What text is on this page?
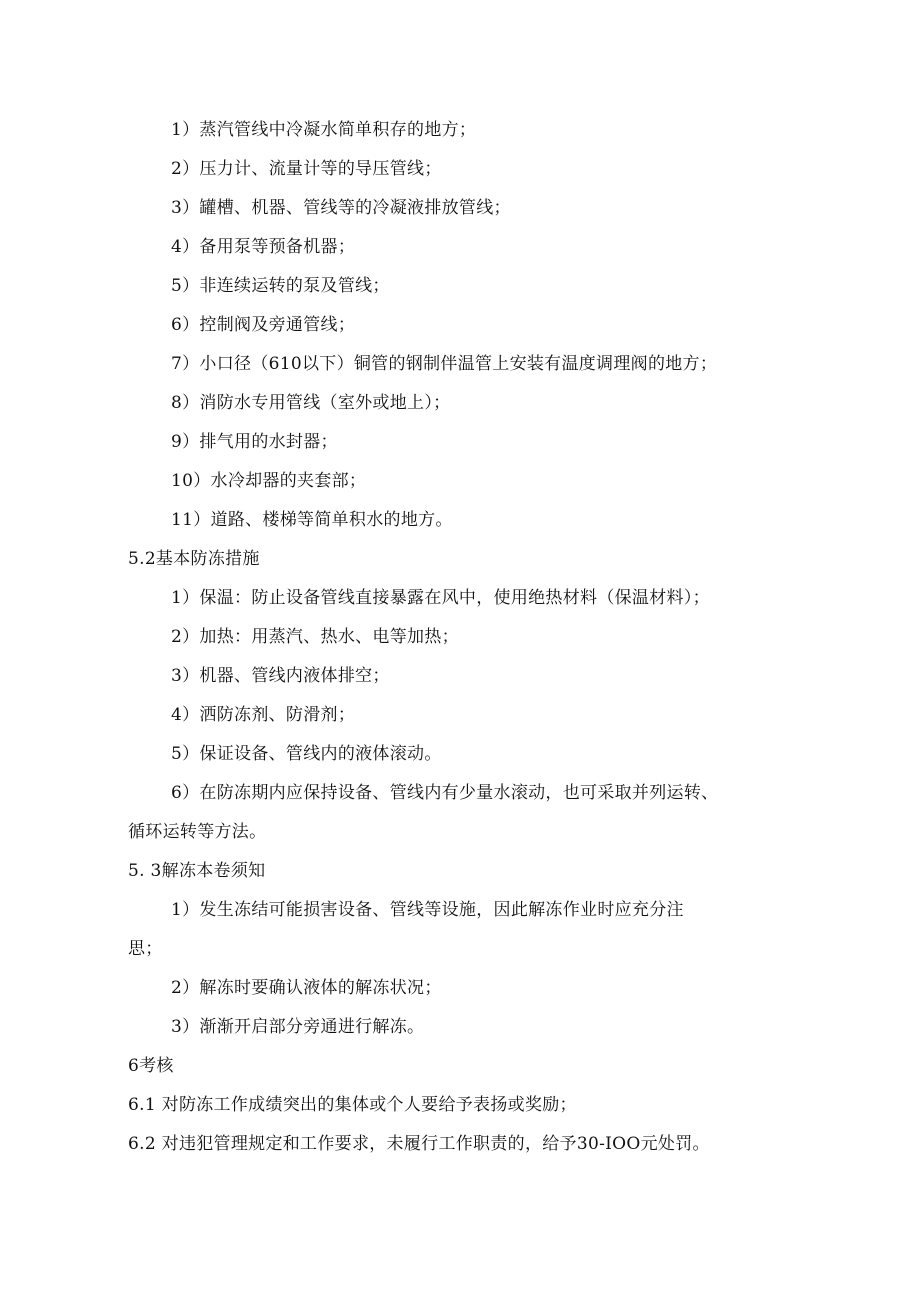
1）蒸汽管线中冷凝水简单积存的地方；
2）压力计、流量计等的导压管线；
3）罐槽、机器、管线等的冷凝液排放管线；
4）备用泵等预备机器；
5）非连续运转的泵及管线；
6）控制阀及旁通管线；
7）小口径（610以下）铜管的钢制伴温管上安装有温度调理阀的地方；
8）消防水专用管线（室外或地上）；
9）排气用的水封器；
10）水冷却器的夹套部；
11）道路、楼梯等简单积水的地方。
5.2基本防冻措施
1）保温：防止设备管线直接暴露在风中，使用绝热材料（保温材料）；
2）加热：用蒸汽、热水、电等加热；
3）机器、管线内液体排空；
4）洒防冻剂、防滑剂；
5）保证设备、管线内的液体滚动。
6）在防冻期内应保持设备、管线内有少量水滚动，也可采取并列运转、
循环运转等方法。
5. 3解冻本卷须知
1）发生冻结可能损害设备、管线等设施，因此解冻作业时应充分注
思；
2）解冻时要确认液体的解冻状况；
3）渐渐开启部分旁通进行解冻。
6考核
6.1 对防冻工作成绩突出的集体或个人要给予表扬或奖励；
6.2 对违犯管理规定和工作要求，未履行工作职责的，给予30-IOO元处罚。
